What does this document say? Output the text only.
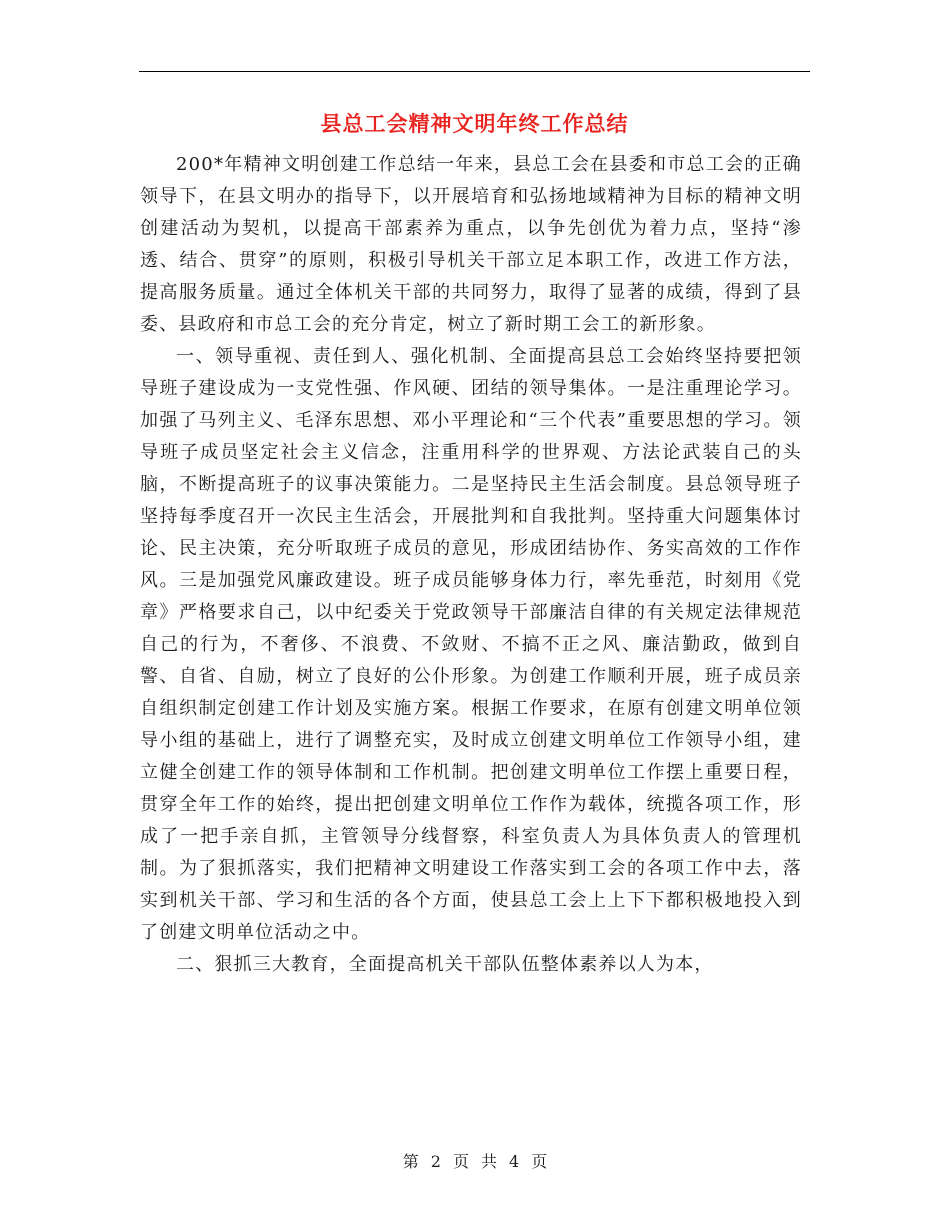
县总工会精神文明年终工作总结

200*年精神文明创建工作总结一年来，县总工会在县委和市总工会的正确领导下，在县文明办的指导下，以开展培育和弘扬地域精神为目标的精神文明创建活动为契机，以提高干部素养为重点，以争先创优为着力点，坚持“渗透、结合、贯穿”的原则，积极引导机关干部立足本职工作，改进工作方法，提高服务质量。通过全体机关干部的共同努力，取得了显著的成绩，得到了县委、县政府和市总工会的充分肯定，树立了新时期工会工的新形象。

一、领导重视、责任到人、强化机制、全面提高县总工会始终坚持要把领导班子建设成为一支党性强、作风硬、团结的领导集体。一是注重理论学习。加强了马列主义、毛泽东思想、邓小平理论和“三个代表”重要思想的学习。领导班子成员坚定社会主义信念，注重用科学的世界观、方法论武装自己的头脑，不断提高班子的议事决策能力。二是坚持民主生活会制度。县总领导班子坚持每季度召开一次民主生活会，开展批判和自我批判。坚持重大问题集体讨论、民主决策，充分听取班子成员的意见，形成团结协作、务实高效的工作作风。三是加强党风廉政建设。班子成员能够身体力行，率先垂范，时刻用《党章》严格要求自己，以中纪委关于党政领导干部廉洁自律的有关规定法律规范自己的行为，不奢侈、不浪费、不敛财、不搞不正之风、廉洁勤政，做到自警、自省、自励，树立了良好的公仆形象。为创建工作顺利开展，班子成员亲自组织制定创建工作计划及实施方案。根据工作要求，在原有创建文明单位领导小组的基础上，进行了调整充实，及时成立创建文明单位工作领导小组，建立健全创建工作的领导体制和工作机制。把创建文明单位工作摆上重要日程，贯穿全年工作的始终，提出把创建文明单位工作作为载体，统揽各项工作，形成了一把手亲自抓，主管领导分线督察，科室负责人为具体负责人的管理机制。为了狠抓落实，我们把精神文明建设工作落实到工会的各项工作中去，落实到机关干部、学习和生活的各个方面，使县总工会上上下下都积极地投入到了创建文明单位活动之中。

二、狠抓三大教育，全面提高机关干部队伍整体素养以人为本，

第 2 页 共 4 页
